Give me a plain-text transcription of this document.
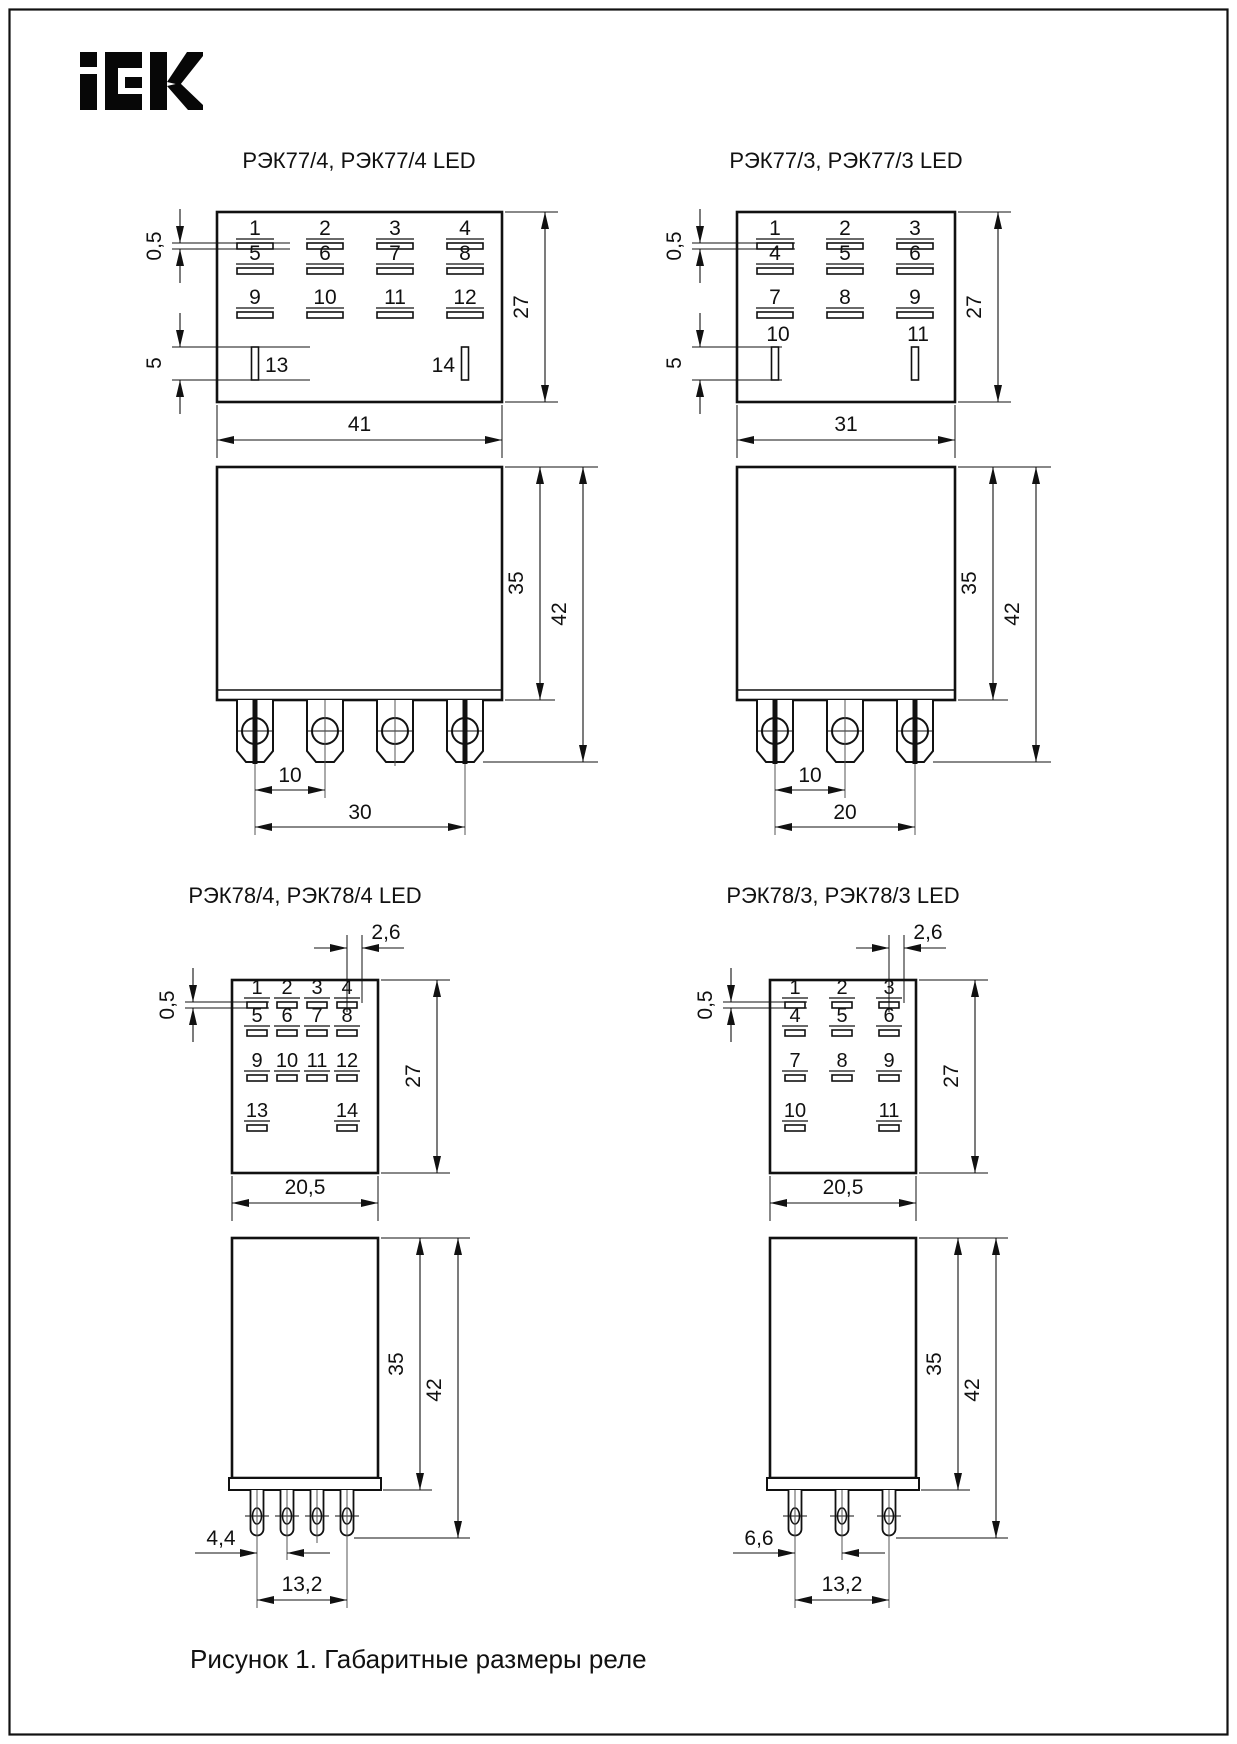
РЭК77/4, РЭК77/4 LED	РЭК77/3, РЭК77/3 LED
РЭК78/4, РЭК78/4 LED	РЭК78/3, РЭК78/3 LED
1	2	3	4
5	6	7	8
9 10 11 12
13	14
0,5
5
27
41
35
42
10
30
1	2	3
4	5	6
7	8	9
10	11
0,5
5
27
31
35
42
10
20
1 2 3 4
5 6 7 8
9 10 11 12
13	14
2,6
0,5
27
20,5
35
42
4,4
13,2
1 2 3
4 5 6
7 8 9
10	11
2,6
0,5
27
20,5
35
42
6,6
13,2
Рисунок 1. Габаритные размеры реле
